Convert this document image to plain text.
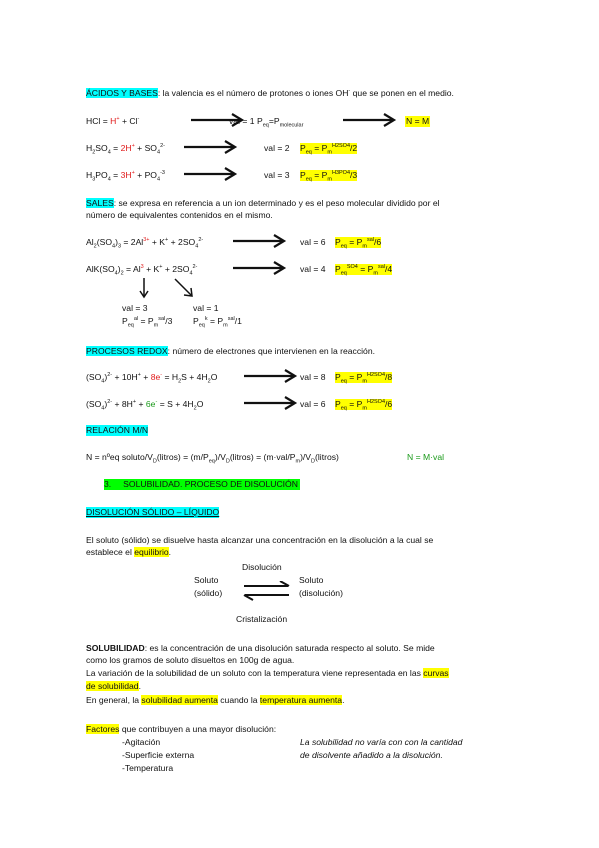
ÁCIDOS Y BASES: la valencia es el número de protones o iones OH- que se ponen en el medio.
HCl = H+ + Cl-	val = 1 $P_{eq}=P_{molecular}$	N = M
$H_2SO_4 = 2H^+ + SO_4^{2-}$	val = 2 $P_{eq} = P_m^{H2SO4}/2$
$H_3PO_4 = 3H^+ + PO_4^{-3}$	val = 3 $P_{eq} = P_m^{H3PO4}/3$
SALES: se expresa en referencia a un ion determinado y es el peso molecular dividido por el
número de equivalentes contenidos en el mismo.
$Al_2(SO_4)_3 = 2Al^{3+} + K^+ + 2SO_4^{2-}$	val = 6 $P_{eq} = P_m^{sal}/6$
$AlK(SO_4)_2 = Al^3 + K^+ + 2SO_4^{2-}$	val = 4 $P_{eq}^{SO4} = P_m^{sal}/4$
val = 3
$P_{eq}^{al} = P_m^{sal}/3$
val = 1
$P_{eq}^k = P_m^{sal}/1$
PROCESOS REDOX: número de electrones que intervienen en la reacción.
$(SO_4)^{2-} + 10H^+ + 8e^- = H_2S + 4H_2O$	val = 8 $P_{eq} = P_m^{H2SO4}/8$
$(SO_4)^{2-} + 8H^+ + 6e^- = S + 4H_2O$	val = 6 $P_{eq} = P_m^{H2SO4}/6$
RELACIÓN M/N
N = nºeq soluto/$V_D(litros)$ = $(m/P_{eq})/V_D(litros)$ = $(m\cdot val/P_m)/V_D(litros)$	N = M·val
3. SOLUBILIDAD. PROCESO DE DISOLUCIÓN
DISOLUCIÓN SÓLIDO – LÍQUIDO
El soluto (sólido) se disuelve hasta alcanzar una concentración en la disolución a la cual se
establece el equilibrio.
Disolución
Soluto
(sólido)
Soluto
(disolución)
Cristalización
SOLUBILIDAD: es la concentración de una disolución saturada respecto al soluto. Se mide
como los gramos de soluto disueltos en 100g de agua.
La variación de la solubilidad de un soluto con la temperatura viene representada en las curvas
de solubilidad.
En general, la solubilidad aumenta cuando la temperatura aumenta.
Factores que contribuyen a una mayor disolución:
-Agitación
-Superficie externa
-Temperatura
La solubilidad no varía con con la cantidad
de disolvente añadido a la disolución.
